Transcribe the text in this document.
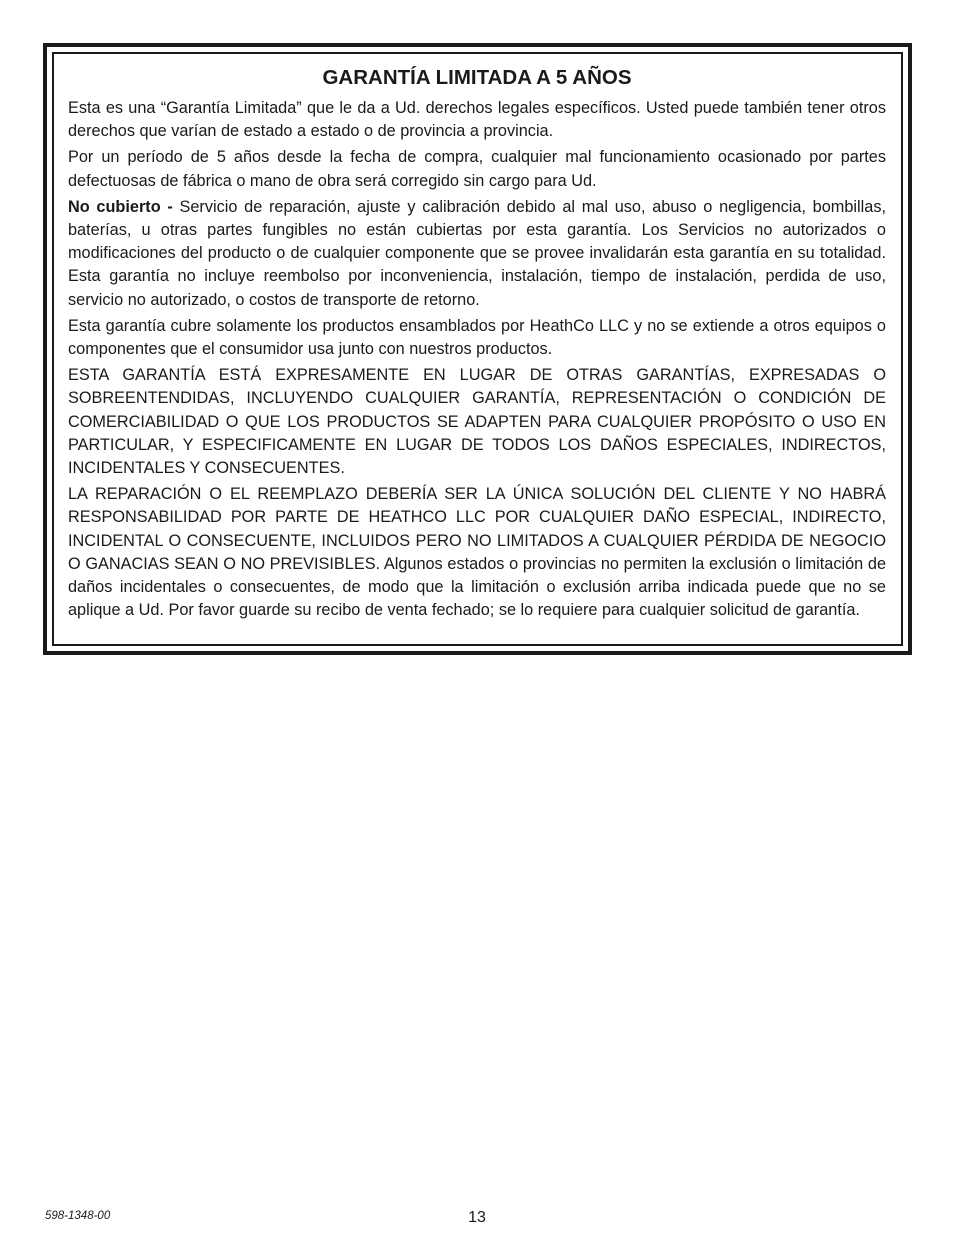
GARANTÍA LIMITADA A 5 AÑOS

Esta es una “Garantía Limitada” que le da a Ud. derechos legales específicos. Usted puede también tener otros derechos que varían de estado a estado o de provincia a provincia.

Por un período de 5 años desde la fecha de compra, cualquier mal funcionamiento ocasionado por partes defectuosas de fábrica o mano de obra será corregido sin cargo para Ud.

No cubierto - Servicio de reparación, ajuste y calibración debido al mal uso, abuso o negligencia, bombillas, baterías, u otras partes fungibles no están cubiertas por esta garantía. Los Servicios no autorizados o modificaciones del producto o de cualquier componente que se provee invalidarán esta garantía en su totalidad. Esta garantía no incluye reembolso por inconveniencia, instalación, tiempo de instalación, perdida de uso, servicio no autorizado, o costos de transporte de retorno.

Esta garantía cubre solamente los productos ensamblados por HeathCo LLC y no se extiende a otros equipos o componentes que el consumidor usa junto con nuestros productos.

ESTA GARANTÍA ESTÁ EXPRESAMENTE EN LUGAR DE OTRAS GARANTÍAS, EXPRESADAS O SOBREENTENDIDAS, INCLUYENDO CUALQUIER GARANTÍA, REPRESENTACIÓN O CONDICIÓN DE COMERCIABILIDAD O QUE LOS PRODUCTOS SE ADAPTEN PARA CUALQUIER PROPÓSITO O USO EN PARTICULAR, Y ESPECIFICAMENTE EN LUGAR DE TODOS LOS DAÑOS ESPECIALES, INDIRECTOS, INCIDENTALES Y CONSECUENTES.

LA REPARACIÓN O EL REEMPLAZO DEBERÍA SER LA ÚNICA SOLUCIÓN DEL CLIENTE Y NO HABRÁ RESPONSABILIDAD POR PARTE DE HEATHCO LLC POR CUALQUIER DAÑO ESPECIAL, INDIRECTO, INCIDENTAL O CONSECUENTE, INCLUIDOS PERO NO LIMITADOS A CUALQUIER PÉRDIDA DE NEGOCIO O GANACIAS SEAN O NO PREVISIBLES. Algunos estados o provincias no permiten la exclusión o limitación de daños incidentales o consecuentes, de modo que la limitación o exclusión arriba indicada puede que no se aplique a Ud. Por favor guarde su recibo de venta fechado; se lo requiere para cualquier solicitud de garantía.

598-1348-00	13
